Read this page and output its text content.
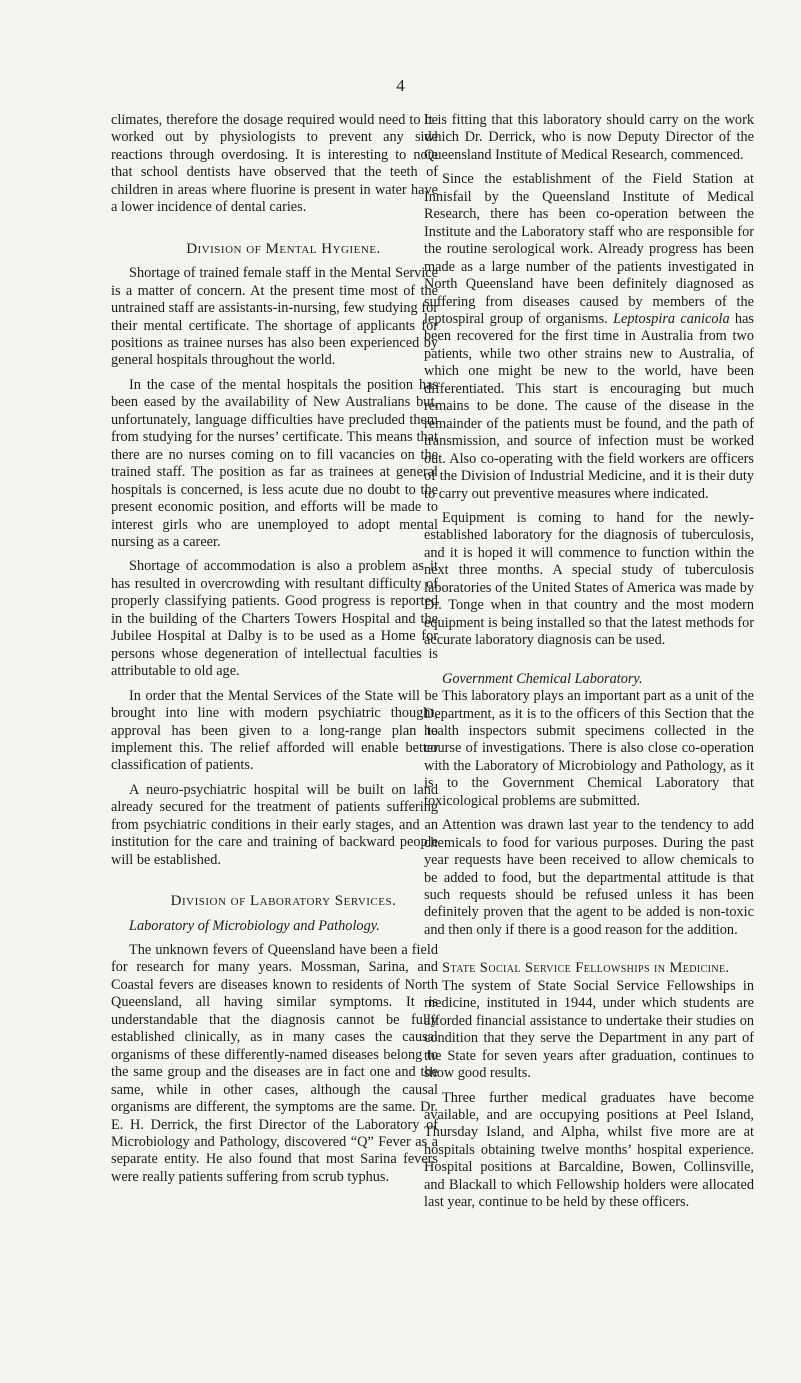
4

climates, therefore the dosage required would need to be worked out by physiologists to prevent any side reactions through overdosing. It is interesting to note that school dentists have observed that the teeth of children in areas where fluorine is present in water have a lower incidence of dental caries.

Division of Mental Hygiene.

Shortage of trained female staff in the Mental Service is a matter of concern. At the present time most of the untrained staff are assistants-in-nursing, few studying for their mental certificate. The shortage of applicants for positions as trainee nurses has also been experienced by general hospitals throughout the world.

In the case of the mental hospitals the position has been eased by the availability of New Australians but, unfortunately, language difficulties have precluded them from studying for the nurses’ certificate. This means that there are no nurses coming on to fill vacancies on the trained staff. The position as far as trainees at general hospitals is concerned, is less acute due no doubt to the present economic position, and efforts will be made to interest girls who are unemployed to adopt mental nursing as a career.

Shortage of accommodation is also a problem as it has resulted in overcrowding with resultant difficulty of properly classifying patients. Good progress is reported in the building of the Charters Towers Hospital and the Jubilee Hospital at Dalby is to be used as a Home for persons whose degeneration of intellectual faculties is attributable to old age.

In order that the Mental Services of the State will be brought into line with modern psychiatric thought, approval has been given to a long-range plan to implement this. The relief afforded will enable better classification of patients.

A neuro-psychiatric hospital will be built on land already secured for the treatment of patients suffering from psychiatric conditions in their early stages, and an institution for the care and training of backward people will be established.

Division of Laboratory Services.

Laboratory of Microbiology and Pathology.

The unknown fevers of Queensland have been a field for research for many years. Mossman, Sarina, and Coastal fevers are diseases known to residents of North Queensland, all having similar symptoms. It is understandable that the diagnosis cannot be fully established clinically, as in many cases the causal organisms of these differently-named diseases belong to the same group and the diseases are in fact one and the same, while in other cases, although the causal organisms are different, the symptoms are the same. Dr. E. H. Derrick, the first Director of the Laboratory of Microbiology and Pathology, discovered “Q” Fever as a separate entity. He also found that most Sarina fevers were really patients suffering from scrub typhus.

It is fitting that this laboratory should carry on the work which Dr. Derrick, who is now Deputy Director of the Queensland Institute of Medical Research, commenced.

Since the establishment of the Field Station at Innisfail by the Queensland Institute of Medical Research, there has been co-operation between the Institute and the Laboratory staff who are responsible for the routine serological work. Already progress has been made as a large number of the patients investigated in North Queensland have been definitely diagnosed as suffering from diseases caused by members of the leptospiral group of organisms. Leptospira canicola has been recovered for the first time in Australia from two patients, while two other strains new to Australia, of which one might be new to the world, have been differentiated. This start is encouraging but much remains to be done. The cause of the disease in the remainder of the patients must be found, and the path of transmission, and source of infection must be worked out. Also co-operating with the field workers are officers of the Division of Industrial Medicine, and it is their duty to carry out preventive measures where indicated.

Equipment is coming to hand for the newly-established laboratory for the diagnosis of tuberculosis, and it is hoped it will commence to function within the next three months. A special study of tuberculosis laboratories of the United States of America was made by Dr. Tonge when in that country and the most modern equipment is being installed so that the latest methods for accurate laboratory diagnosis can be used.

Government Chemical Laboratory.

This laboratory plays an important part as a unit of the Department, as it is to the officers of this Section that the health inspectors submit specimens collected in the course of investigations. There is also close co-operation with the Laboratory of Microbiology and Pathology, as it is to the Government Chemical Laboratory that toxicological problems are submitted.

Attention was drawn last year to the tendency to add chemicals to food for various purposes. During the past year requests have been received to allow chemicals to be added to food, but the departmental attitude is that such requests should be refused unless it has been definitely proven that the agent to be added is non-toxic and then only if there is a good reason for the addition.

State Social Service Fellowships in Medicine.

The system of State Social Service Fellowships in medicine, instituted in 1944, under which students are afforded financial assistance to undertake their studies on condition that they serve the Department in any part of the State for seven years after graduation, continues to show good results.

Three further medical graduates have become available, and are occupying positions at Peel Island, Thursday Island, and Alpha, whilst five more are at hospitals obtaining twelve months’ hospital experience. Hospital positions at Barcaldine, Bowen, Collinsville, and Blackall to which Fellowship holders were allocated last year, continue to be held by these officers.
